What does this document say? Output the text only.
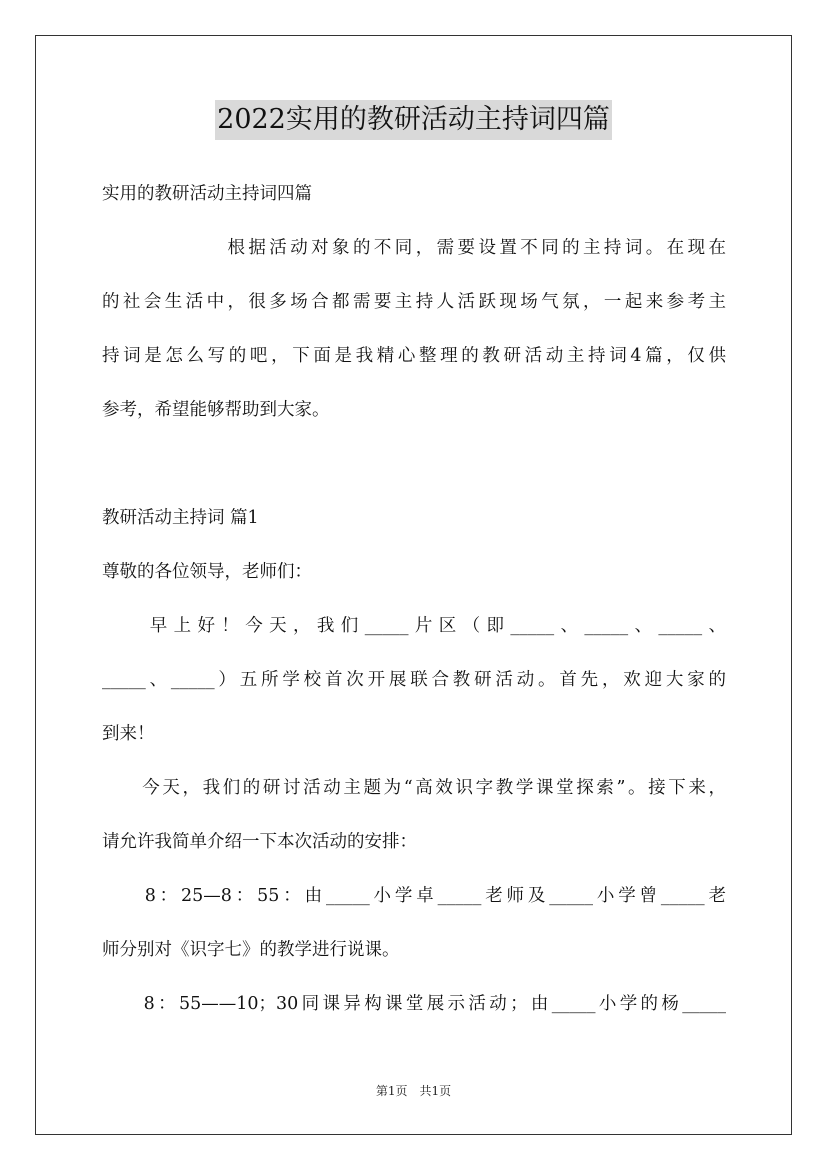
2022实用的教研活动主持词四篇
实用的教研活动主持词四篇
　　　　　　根据活动对象的不同，需要设置不同的主持词。在现在
的社会生活中，很多场合都需要主持人活跃现场气氛，一起来参考主
持词是怎么写的吧，下面是我精心整理的教研活动主持词4篇，仅供
参考，希望能够帮助到大家。
教研活动主持词 篇1
尊敬的各位领导，老师们：
　　早上好！今天，我们_____片区（即_____、_____、_____、
_____、_____）五所学校首次开展联合教研活动。首先，欢迎大家的
到来！
　　今天，我们的研讨活动主题为“高效识字教学课堂探索”。接下来，
请允许我简单介绍一下本次活动的安排：
　　8：25—8：55：由_____小学卓_____老师及_____小学曾_____老
师分别对《识字七》的教学进行说课。
　　8：55——10；30同课异构课堂展示活动；由_____小学的杨_____
第1页　共1页
